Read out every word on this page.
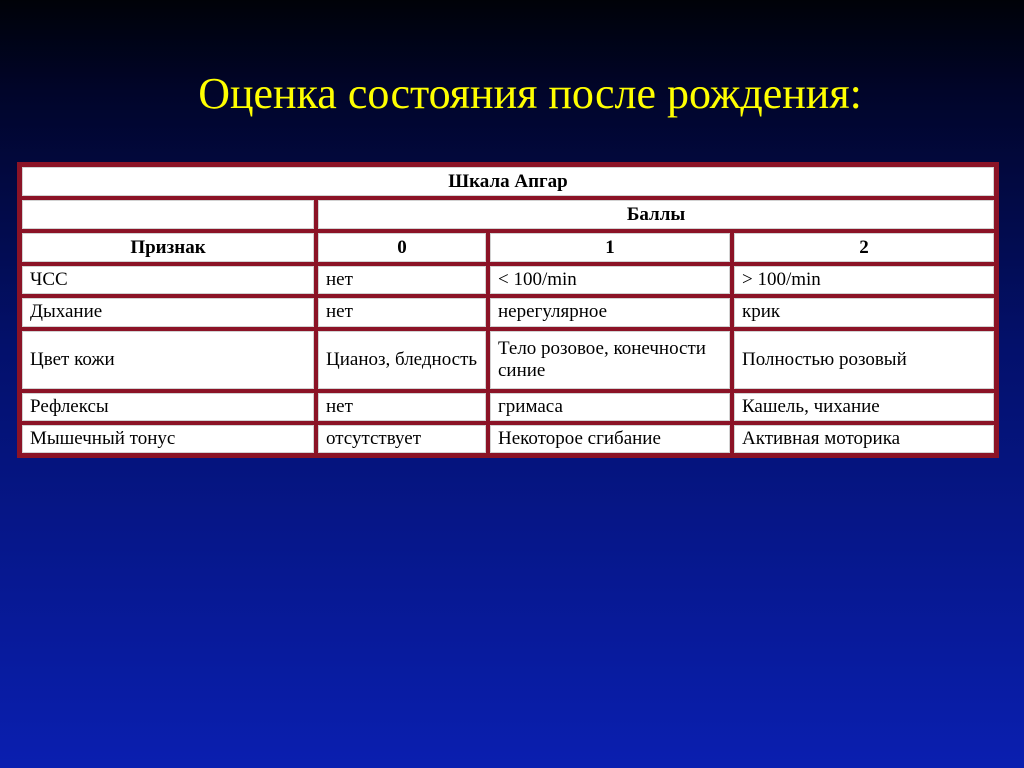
Оценка состояния после рождения:
Шкала Апгар			
	Баллы		
Признак	0	1	2
ЧСС	нет	< 100/min	> 100/min
Дыхание	нет	нерегулярное	крик
Цвет кожи	Цианоз, бледность	Тело розовое, конечности синие	Полностью розовый
Рефлексы	нет	гримаса	Кашель, чихание
Мышечный тонус	отсутствует	Некоторое сгибание	Активная моторика
